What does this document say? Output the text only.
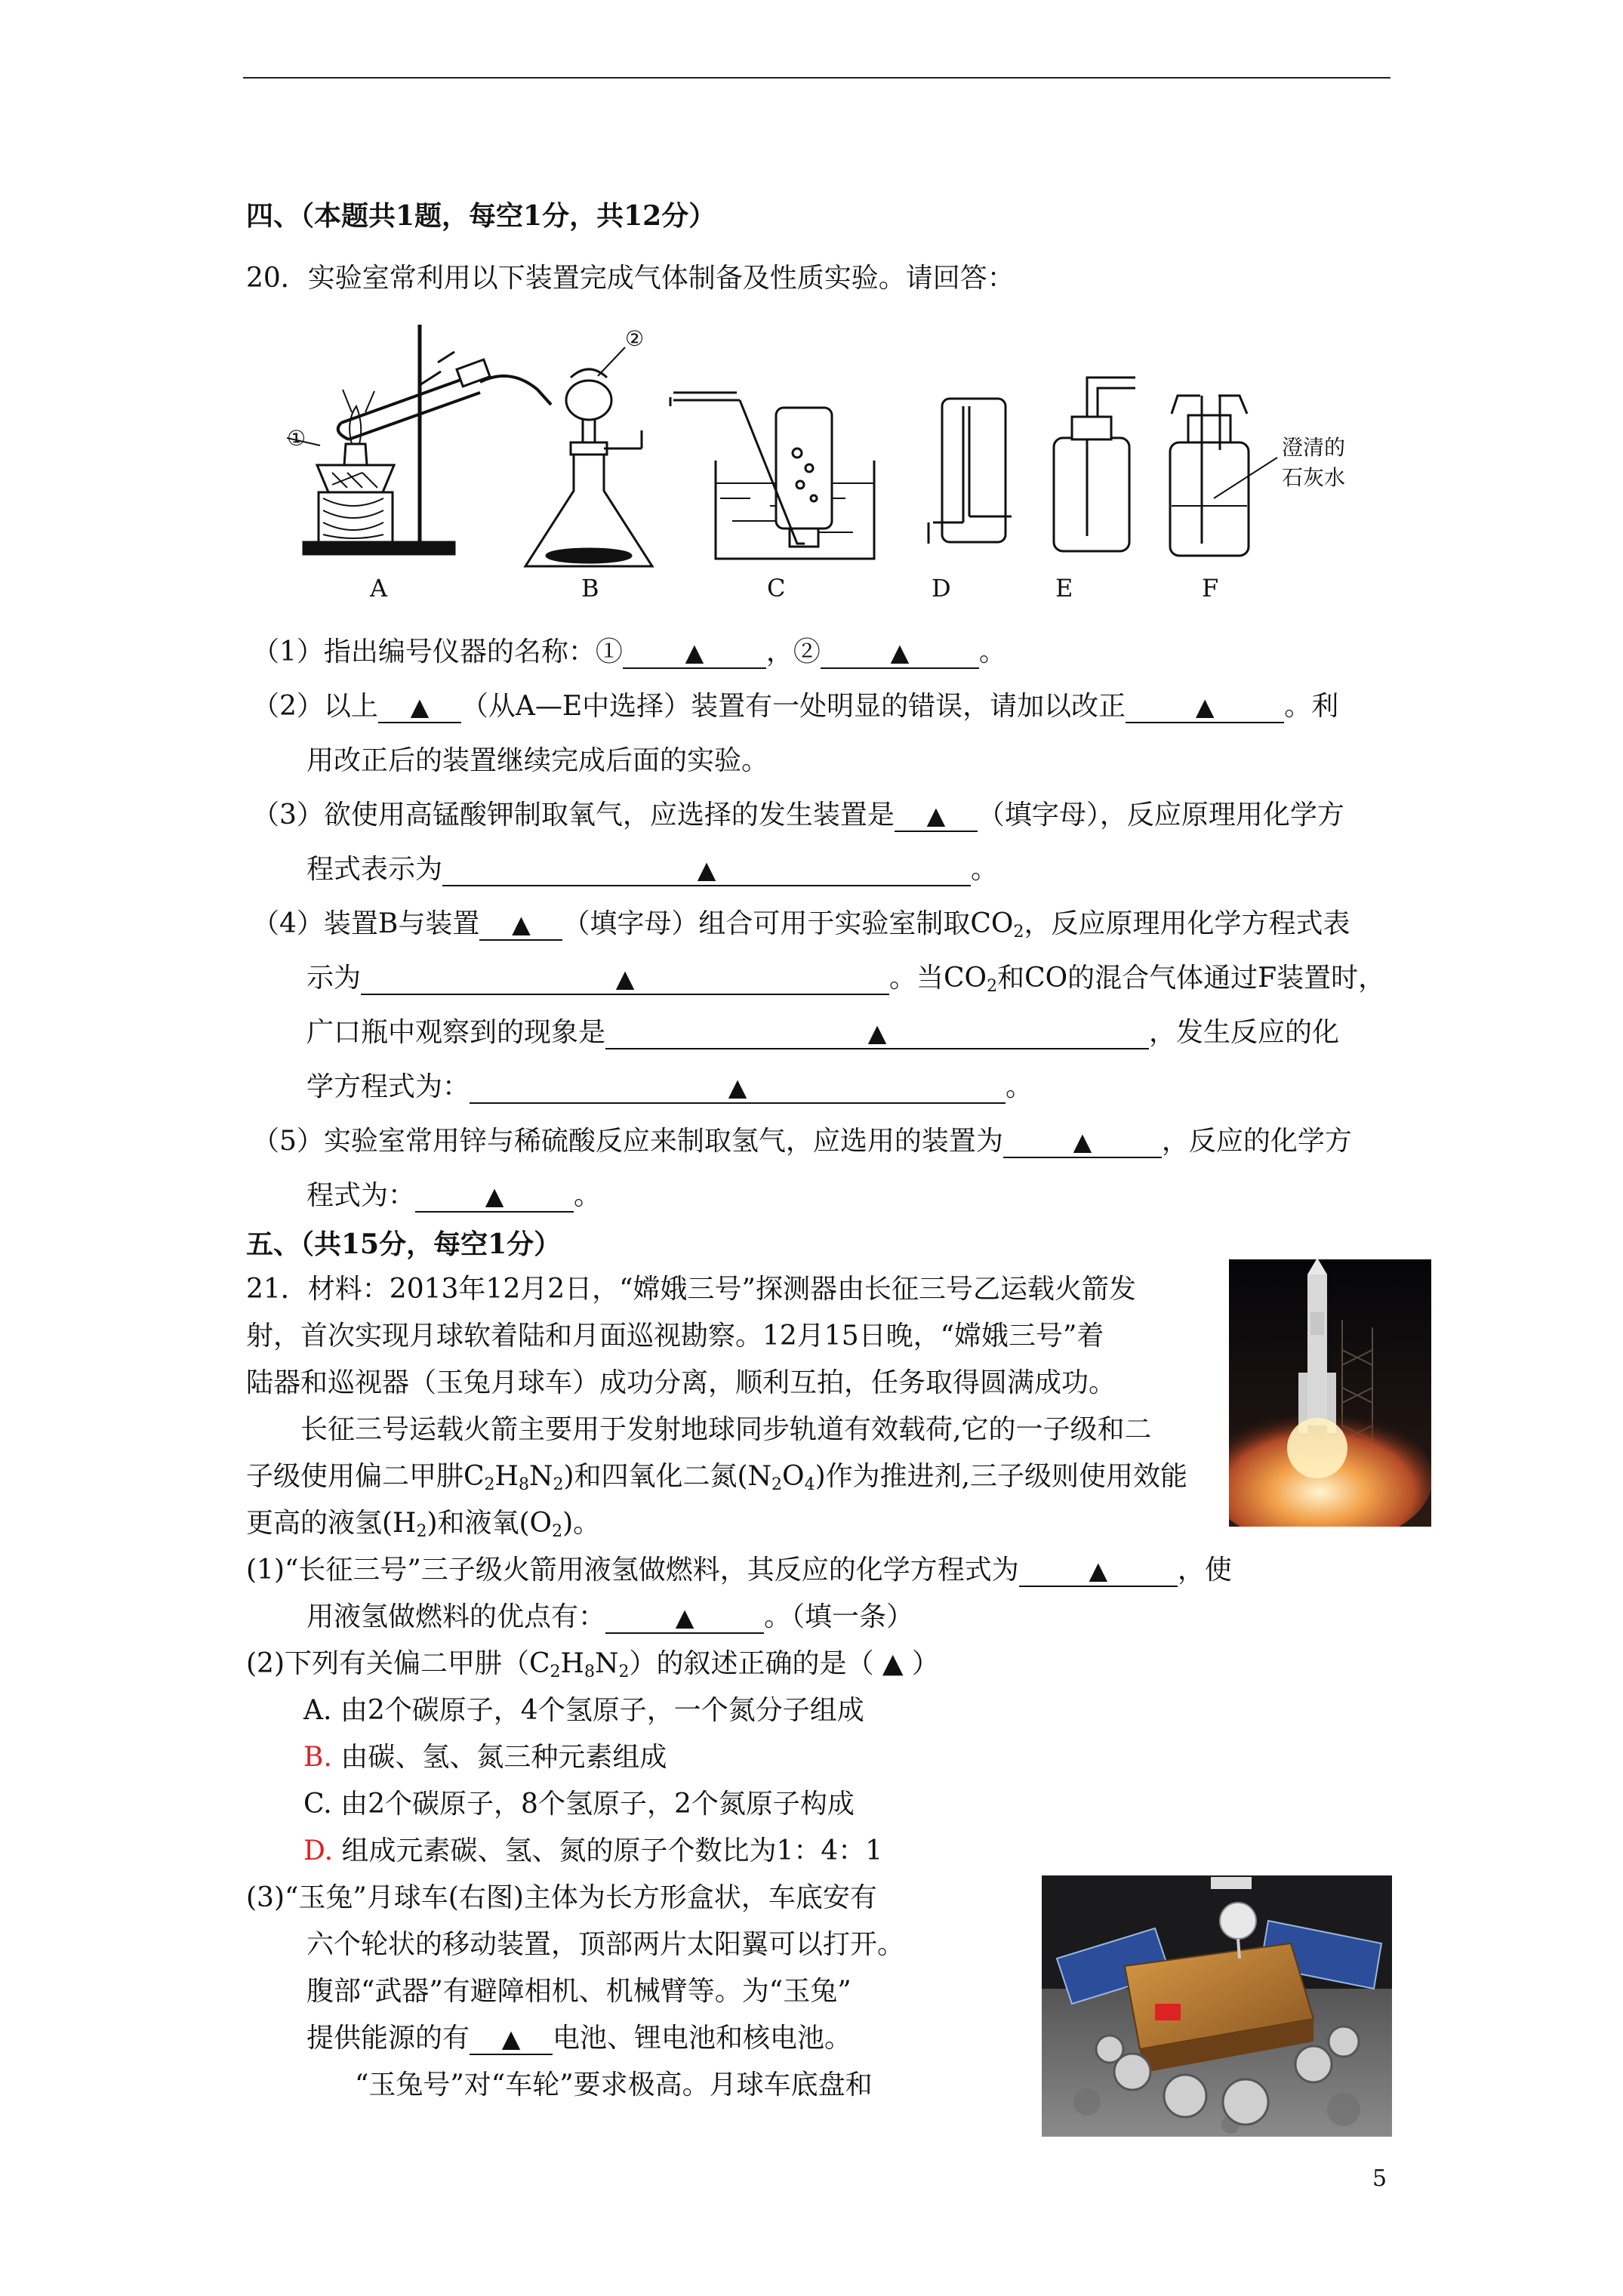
四、（本题共1题，每空1分，共12分）
20．实验室常利用以下装置完成气体制备及性质实验。请回答：
①
②
澄清的
石灰水
A	B	C	D	E	F
（1）指出编号仪器的名称：①	▲ ，②	▲	。
（2）以上 ▲ （从A—E中选择）装置有一处明显的错误，请加以改正	▲	。利
用改正后的装置继续完成后面的实验。
（3）欲使用高锰酸钾制取氧气，应选择的发生装置是 ▲ （填字母），反应原理用化学方
程式表示为	▲	。
（4）装置B与装置 ▲ （填字母）组合可用于实验室制取$CO_2$，反应原理用化学方程式表
示为	▲	。当$CO_2$和CO的混合气体通过F装置时，
广口瓶中观察到的现象是	▲	，发生反应的化
学方程式为：	▲	。
（5）实验室常用锌与稀硫酸反应来制取氢气，应选用的装置为	▲	，反应的化学方
程式为：	▲	。
五、（共15分，每空1分）
21．材料：2013年12月2日，“嫦娥三号”探测器由长征三号乙运载火箭发
射，首次实现月球软着陆和月面巡视勘察。12月15日晚，“嫦娥三号”着
陆器和巡视器（玉兔月球车）成功分离，顺利互拍，任务取得圆满成功。
长征三号运载火箭主要用于发射地球同步轨道有效载荷,它的一子级和二
子级使用偏二甲肼$C_2H_8N_2$)和四氧化二氮$(N_2O_4)$作为推进剂,三子级则使用效能
更高的液氢$(H_2)$和液氧$(O_2)$。
(1)“长征三号”三子级火箭用液氢做燃料，其反应的化学方程式为	▲	，使
用液氢做燃料的优点有：	▲	。（填一条）
(2)下列有关偏二甲肼$(C_2H_8N_2)$的叙述正确的是（ ▲ ）
A. 由2个碳原子，4个氢原子，一个氮分子组成
B. 由碳、氢、氮三种元素组成
C. 由2个碳原子，8个氢原子，2个氮原子构成
D. 组成元素碳、氢、氮的原子个数比为1：4：1
(3)“玉兔”月球车(右图)主体为长方形盒状，车底安有
六个轮状的移动装置，顶部两片太阳翼可以打开。
腹部“武器”有避障相机、机械臂等。为“玉兔”
提供能源的有 ▲ 电池、锂电池和核电池。
“玉兔号”对“车轮”要求极高。月球车底盘和
5
